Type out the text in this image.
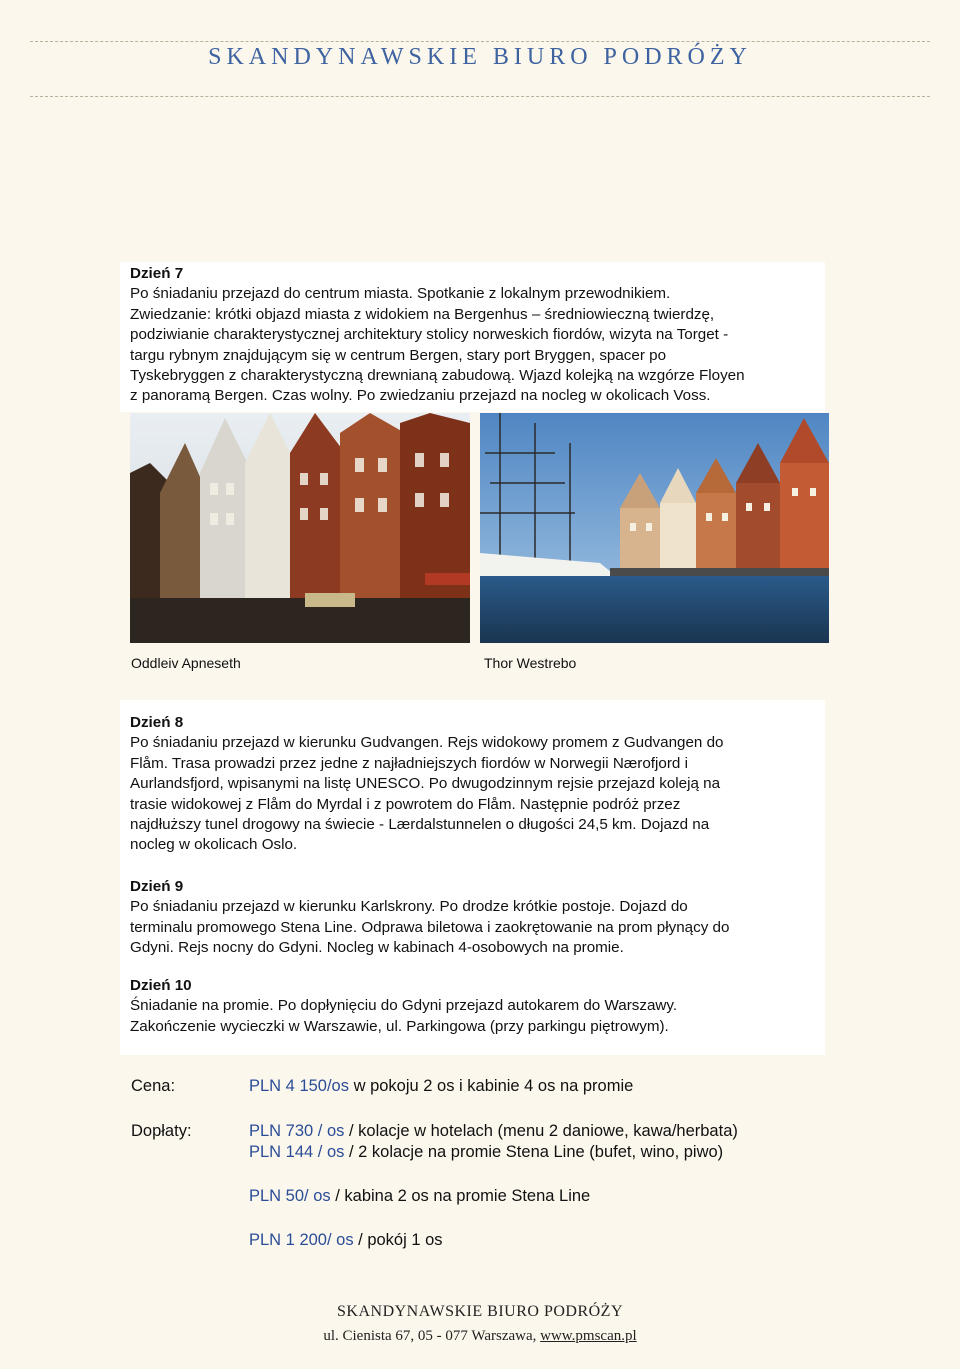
SKANDYNAWSKIE BIURO PODRÓŻY
Dzień 7

Po śniadaniu przejazd do centrum miasta. Spotkanie z lokalnym przewodnikiem.

Zwiedzanie: krótki objazd miasta z widokiem na Bergenhus – średniowieczną twierdzę,

podziwianie charakterystycznej architektury stolicy norweskich fiordów, wizyta na Torget -

targu rybnym znajdującym się w centrum Bergen, stary port Bryggen, spacer po

Tyskebryggen z charakterystyczną drewnianą zabudową. Wjazd kolejką na wzgórze Floyen

z panoramą Bergen. Czas wolny. Po zwiedzaniu przejazd na nocleg w okolicach Voss.

Oddleiv Apneseth	Thor Westrebo
Dzień 8

Po śniadaniu przejazd w kierunku Gudvangen. Rejs widokowy promem z Gudvangen do

Flåm. Trasa prowadzi przez jedne z najładniejszych fiordów w Norwegii Nærofjord i

Aurlandsfjord, wpisanymi na listę UNESCO. Po dwugodzinnym rejsie przejazd koleją na

trasie widokowej z Flåm do Myrdal i z powrotem do Flåm. Następnie podróż przez

najdłuższy tunel drogowy na świecie - Lærdalstunnelen o długości 24,5 km. Dojazd na

nocleg w okolicach Oslo.

Dzień 9

Po śniadaniu przejazd w kierunku Karlskrony. Po drodze krótkie postoje. Dojazd do

terminalu promowego Stena Line. Odprawa biletowa i zaokrętowanie na prom płynący do

Gdyni. Rejs nocny do Gdyni. Nocleg w kabinach 4-osobowych na promie.

Dzień 10

Śniadanie na promie. Po dopłynięciu do Gdyni przejazd autokarem do Warszawy.

Zakończenie wycieczki w Warszawie, ul. Parkingowa (przy parkingu piętrowym).

Cena:	PLN 4 150/os w pokoju 2 os i kabinie 4 os na promie
Dopłaty:	PLN 730 / os / kolacje w hotelach (menu 2 daniowe, kawa/herbata)
PLN 144 / os / 2 kolacje na promie Stena Line (bufet, wino, piwo)
PLN 50/ os / kabina 2 os na promie Stena Line
PLN 1 200/ os / pokój 1 os
SKANDYNAWSKIE BIURO PODRÓŻY
ul. Cienista 67, 05 - 077 Warszawa, www.pmscan.pl
